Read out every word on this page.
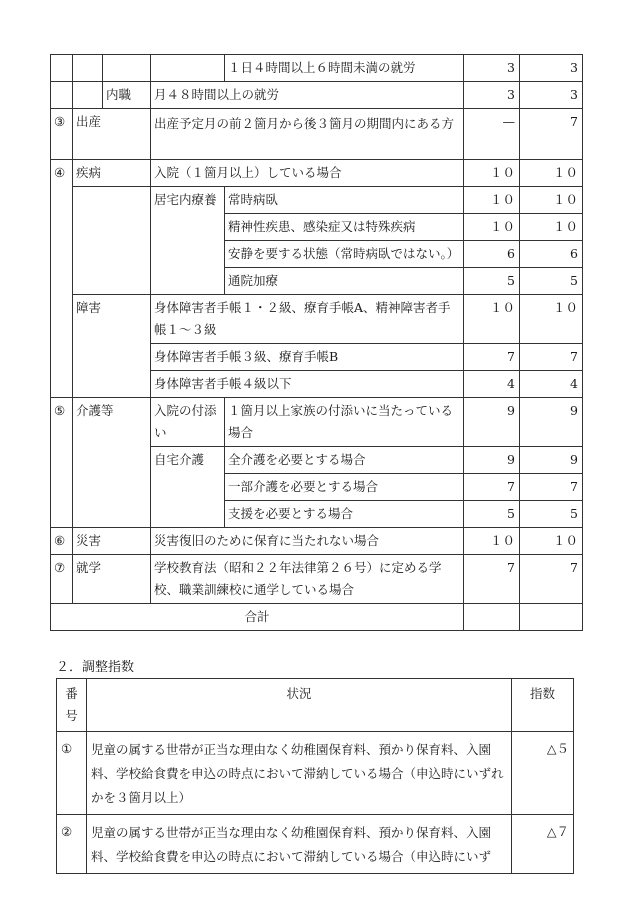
				１日４時間以上６時間未満の就労	3	3
		内職	月４８時間以上の就労		3	3
③	出産		出産予定月の前２箇月から後３箇月の期間内にある方		—	7
④	疾病		入院（１箇月以上）している場合		１０	１０
			居宅内療養	常時病臥	１０	１０
				精神性疾患、感染症又は特殊疾病	１０	１０
				安静を要する状態（常時病臥ではない。）	6	6
				通院加療	5	5
	障害		身体障害者手帳１・２級、療育手帳A、精神障害者手帳１～３級		１０	１０
			身体障害者手帳３級、療育手帳B		7	7
			身体障害者手帳４級以下		4	4
⑤	介護等		入院の付添い	１箇月以上家族の付添いに当たっている場合	9	9
			自宅介護	全介護を必要とする場合	9	9
				一部介護を必要とする場合	7	7
				支援を必要とする場合	5	5
⑥	災害		災害復旧のために保育に当たれない場合		１０	１０
⑦	就学		学校教育法（昭和２２年法律第２６号）に定める学校、職業訓練校に通学している場合		7	7
合計						
２．調整指数
番号	状況	指数
①	児童の属する世帯が正当な理由なく幼稚園保育料、預かり保育料、入園料、学校給食費を申込の時点において滞納している場合（申込時にいずれかを３箇月以上）	△５
②	児童の属する世帯が正当な理由なく幼稚園保育料、預かり保育料、入園料、学校給食費を申込の時点において滞納している場合（申込時にいず	△７
